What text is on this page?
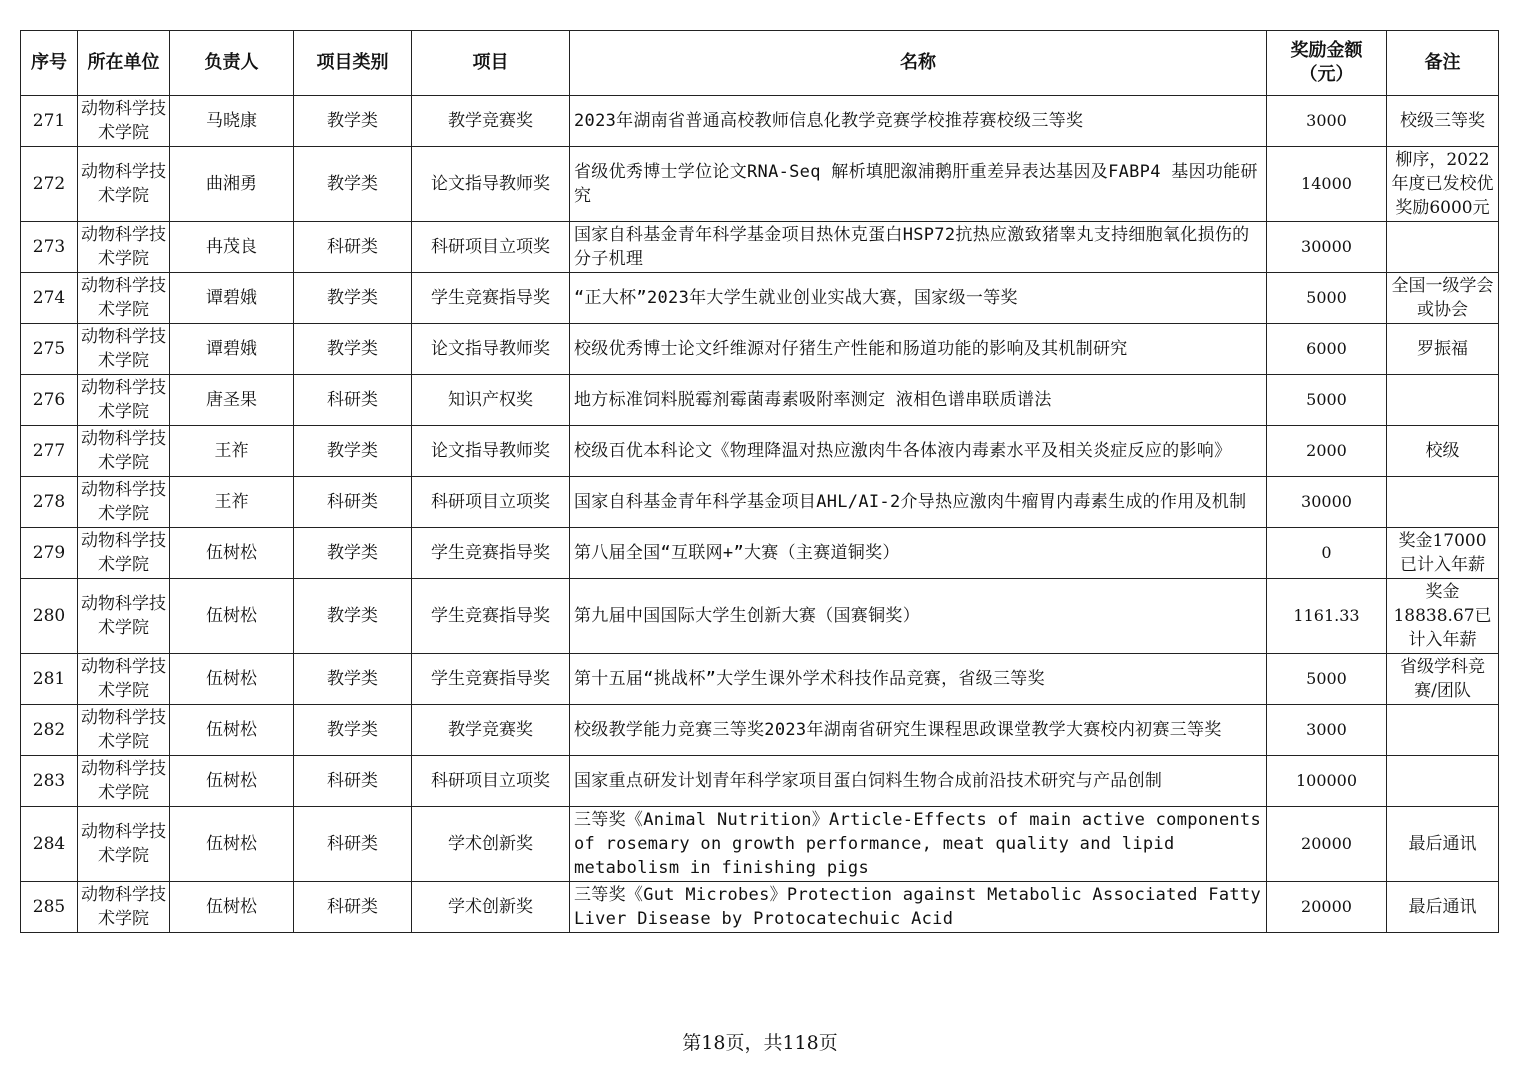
序号	所在单位	负责人	项目类别	项目	名称	奖励金额（元）	备注
271	动物科学技术学院	马晓康	教学类	教学竞赛奖	2023年湖南省普通高校教师信息化教学竞赛学校推荐赛校级三等奖	3000	校级三等奖
272	动物科学技术学院	曲湘勇	教学类	论文指导教师奖	省级优秀博士学位论文RNA-Seq 解析填肥溆浦鹅肝重差异表达基因及FABP4 基因功能研究	14000	柳序，2022年度已发校优奖励6000元
273	动物科学技术学院	冉茂良	科研类	科研项目立项奖	国家自科基金青年科学基金项目热休克蛋白HSP72抗热应激致猪睾丸支持细胞氧化损伤的分子机理	30000	
274	动物科学技术学院	谭碧娥	教学类	学生竞赛指导奖	“正大杯”2023年大学生就业创业实战大赛，国家级一等奖	5000	全国一级学会或协会
275	动物科学技术学院	谭碧娥	教学类	论文指导教师奖	校级优秀博士论文纤维源对仔猪生产性能和肠道功能的影响及其机制研究	6000	罗振福
276	动物科学技术学院	唐圣果	科研类	知识产权奖	地方标准饲料脱霉剂霉菌毒素吸附率测定 液相色谱串联质谱法	5000	
277	动物科学技术学院	王祚	教学类	论文指导教师奖	校级百优本科论文《物理降温对热应激肉牛各体液内毒素水平及相关炎症反应的影响》	2000	校级
278	动物科学技术学院	王祚	科研类	科研项目立项奖	国家自科基金青年科学基金项目AHL/AI-2介导热应激肉牛瘤胃内毒素生成的作用及机制	30000	
279	动物科学技术学院	伍树松	教学类	学生竞赛指导奖	第八届全国“互联网+”大赛（主赛道铜奖）	0	奖金17000已计入年薪
280	动物科学技术学院	伍树松	教学类	学生竞赛指导奖	第九届中国国际大学生创新大赛（国赛铜奖）	1161.33	奖金18838.67已计入年薪
281	动物科学技术学院	伍树松	教学类	学生竞赛指导奖	第十五届“挑战杯”大学生课外学术科技作品竞赛，省级三等奖	5000	省级学科竞赛/团队
282	动物科学技术学院	伍树松	教学类	教学竞赛奖	校级教学能力竞赛三等奖2023年湖南省研究生课程思政课堂教学大赛校内初赛三等奖	3000	
283	动物科学技术学院	伍树松	科研类	科研项目立项奖	国家重点研发计划青年科学家项目蛋白饲料生物合成前沿技术研究与产品创制	100000	
284	动物科学技术学院	伍树松	科研类	学术创新奖	三等奖《Animal Nutrition》Article-Effects of main active components of rosemary on growth performance, meat quality and lipid metabolism in finishing pigs	20000	最后通讯
285	动物科学技术学院	伍树松	科研类	学术创新奖	三等奖《Gut Microbes》Protection against Metabolic Associated Fatty Liver Disease by Protocatechuic Acid	20000	最后通讯
第18页，共118页
